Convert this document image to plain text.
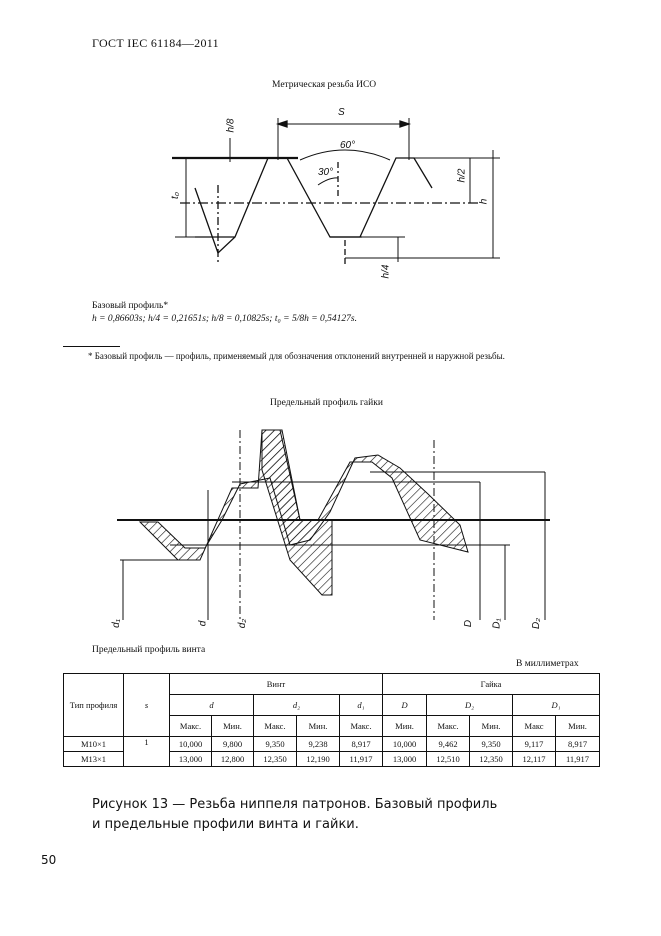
ГОСТ IEC 61184—2011
Метрическая резьба ИСО
S
h/8
t₀
h/2
h
h/4
60°
30°
Базовый профиль*
h = 0,86603s; h/4 = 0,21651s; h/8 = 0,10825s; t₀ = 5/8h = 0,54127s.
* Базовый профиль — профиль, применяемый для обозначения отклонений внутренней и наружной резьбы.
Предельный профиль гайки
d₁	d	d₂	D D₁	D₂
Предельный профиль винта
В миллиметрах
Тип профиля	s	Винт					Гайка				
		d		d₂		d₁	D	D₂		D₁	
		Макс.	Мин.	Макс.	Мин.	Макс.	Мин.	Макс.	Мин.	Макс	Мин.
M10×1	1	10,000	9,800	9,350	9,238	8,917	10,000	9,462	9,350	9,117	8,917
M13×1		13,000	12,800	12,350	12,190	11,917	13,000	12,510	12,350	12,117	11,917
Рисунок 13 — Резьба ниппеля патронов. Базовый профиль
и предельные профили винта и гайки.
50
